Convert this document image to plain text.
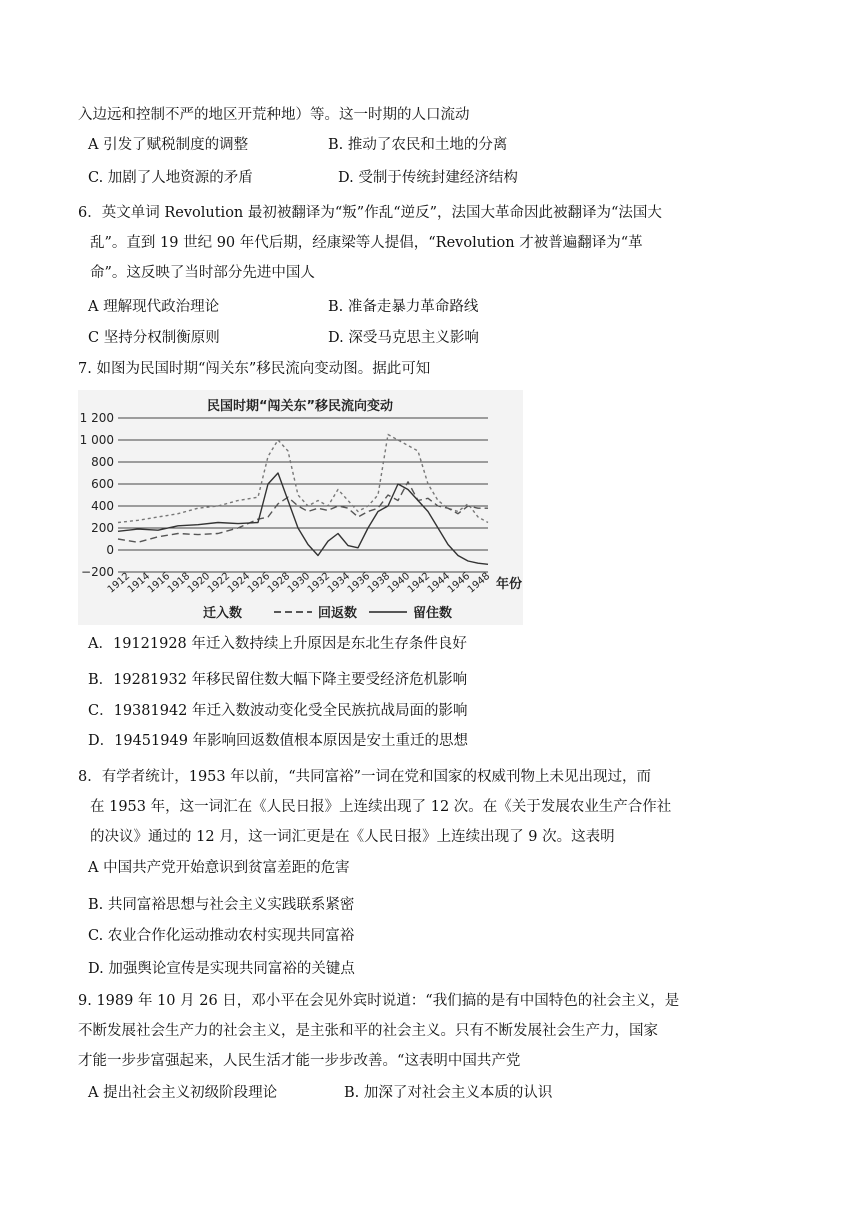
入边远和控制不严的地区开荒种地）等。这一时期的人口流动
A 引发了赋税制度的调整	B. 推动了农民和土地的分离
C. 加剧了人地资源的矛盾	D. 受制于传统封建经济结构
6．英文单词 Revolution 最初被翻译为“叛”作乱“逆反”，法国大革命因此被翻译为“法国大
乱”。直到 19 世纪 90 年代后期，经康梁等人提倡，“Revolution 才被普遍翻译为“革
命”。这反映了当时部分先进中国人
A 理解现代政治理论	B. 准备走暴力革命路线
C 坚持分权制衡原则	D. 深受马克思主义影响
7. 如图为民国时期“闯关东”移民流向变动图。据此可知
民国时期“闯关东”移民流向变动
1 200
1 000
800
600
400
200
0
−200
1912
1914
1916
1918
1920
1922
1924
1926
1928
1930
1932
1934
1936
1938
1940
1942
1944
1946
1948 年份
迁入数	回返数	留住数
A．19121928 年迁入数持续上升原因是东北生存条件良好
B．19281932 年移民留住数大幅下降主要受经济危机影响
C．19381942 年迁入数波动变化受全民族抗战局面的影响
D．19451949 年影响回返数值根本原因是安土重迁的思想
8．有学者统计，1953 年以前，“共同富裕”一词在党和国家的权威刊物上未见出现过，而
在 1953 年，这一词汇在《人民日报》上连续出现了 12 次。在《关于发展农业生产合作社
的决议》通过的 12 月，这一词汇更是在《人民日报》上连续出现了 9 次。这表明
A 中国共产党开始意识到贫富差距的危害
B. 共同富裕思想与社会主义实践联系紧密
C. 农业合作化运动推动农村实现共同富裕
D. 加强舆论宣传是实现共同富裕的关键点
9. 1989 年 10 月 26 日，邓小平在会见外宾时说道：“我们搞的是有中国特色的社会主义，是
不断发展社会生产力的社会主义，是主张和平的社会主义。只有不断发展社会生产力，国家
才能一步步富强起来，人民生活才能一步步改善。“这表明中国共产党
A 提出社会主义初级阶段理论	B. 加深了对社会主义本质的认识
